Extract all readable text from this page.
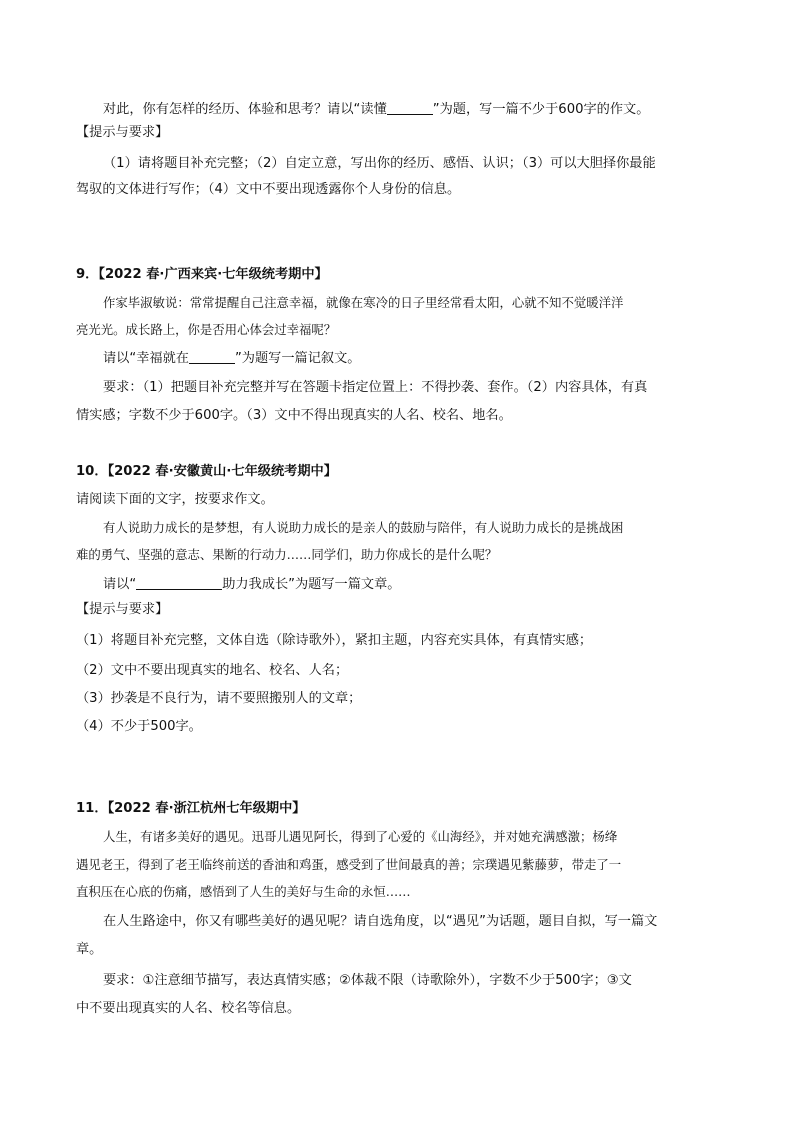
对此，你有怎样的经历、体验和思考？请以“读懂	”为题，写一篇不少于600字的作文。
【提示与要求】
（1）请将题目补充完整；（2）自定立意，写出你的经历、感悟、认识；（3）可以大胆择你最能
驾驭的文体进行写作；（4）文中不要出现透露你个人身份的信息。
9．【2022 春·广西来宾·七年级统考期中】
作家毕淑敏说：常常提醒自己注意幸福，就像在寒冷的日子里经常看太阳，心就不知不觉暖洋洋
亮光光。成长路上，你是否用心体会过幸福呢？
请以“幸福就在	”为题写一篇记叙文。
要求：（1）把题目补充完整并写在答题卡指定位置上：不得抄袭、套作。（2）内容具体，有真
情实感；字数不少于600字。（3）文中不得出现真实的人名、校名、地名。
10．【2022 春·安徽黄山·七年级统考期中】
请阅读下面的文字，按要求作文。
有人说助力成长的是梦想，有人说助力成长的是亲人的鼓励与陪伴，有人说助力成长的是挑战困
难的勇气、坚强的意志、果断的行动力……同学们，助力你成长的是什么呢？
请以“	助力我成长”为题写一篇文章。
【提示与要求】
（1）将题目补充完整，文体自选（除诗歌外），紧扣主题，内容充实具体，有真情实感；
（2）文中不要出现真实的地名、校名、人名；
（3）抄袭是不良行为，请不要照搬别人的文章；
（4）不少于500字。
11．【2022 春·浙江杭州七年级期中】
人生，有诸多美好的遇见。迅哥儿遇见阿长，得到了心爱的《山海经》，并对她充满感激；杨绛
遇见老王，得到了老王临终前送的香油和鸡蛋，感受到了世间最真的善；宗璞遇见紫藤萝，带走了一
直积压在心底的伤痛，感悟到了人生的美好与生命的永恒……
在人生路途中，你又有哪些美好的遇见呢？请自选角度，以“遇见”为话题，题目自拟，写一篇文
章。
要求：①注意细节描写，表达真情实感；②体裁不限（诗歌除外），字数不少于500字；③文
中不要出现真实的人名、校名等信息。
